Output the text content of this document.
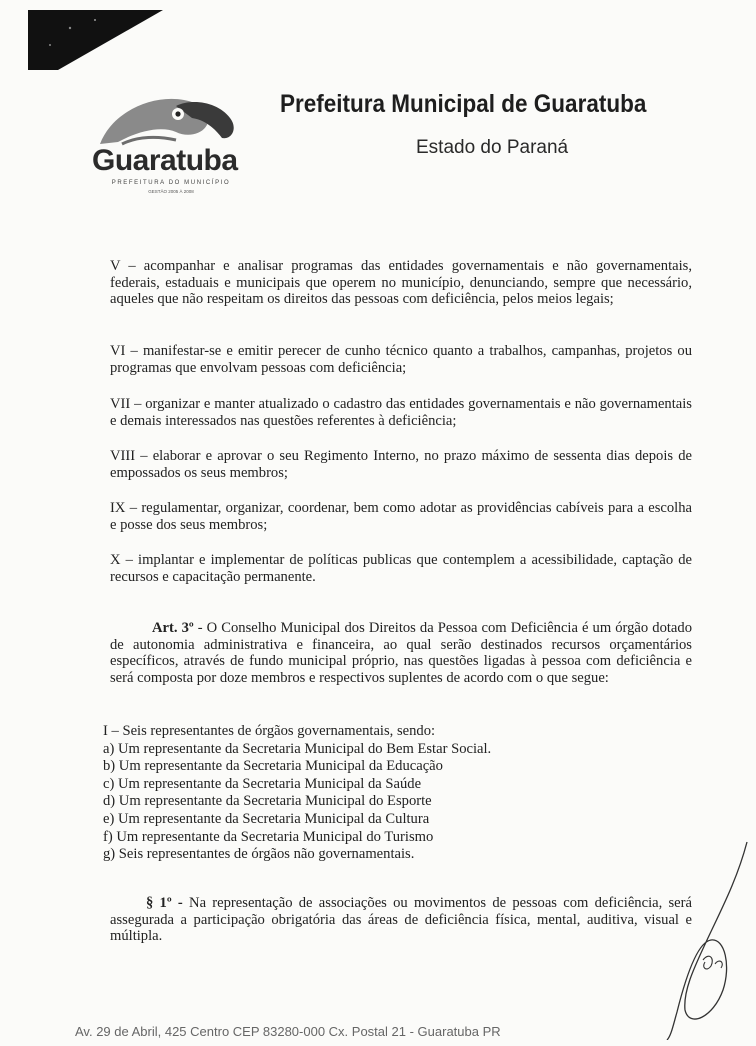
Guaratuba
PREFEITURA DO MUNICÍPIO
GESTÃO 2005 À 2008
Prefeitura Municipal de Guaratuba
Estado do Paraná
V – acompanhar e analisar programas das entidades governamentais e não governamentais, federais, estaduais e municipais que operem no município, denunciando, sempre que necessário, aqueles que não respeitam os direitos das pessoas com deficiência, pelos meios legais;
VI – manifestar-se e emitir perecer de cunho técnico quanto a trabalhos, campanhas, projetos ou programas que envolvam pessoas com deficiência;
VII – organizar e manter atualizado o cadastro das entidades governamentais e não governamentais e demais interessados nas questões referentes à deficiência;
VIII – elaborar e aprovar o seu Regimento Interno, no prazo máximo de sessenta dias depois de empossados os seus membros;
IX – regulamentar, organizar, coordenar, bem como adotar as providências cabíveis para a escolha e posse dos seus membros;
X – implantar e implementar de políticas publicas que contemplem a acessibilidade, captação de recursos e capacitação permanente.
Art. 3º - O Conselho Municipal dos Direitos da Pessoa com Deficiência é um órgão dotado de autonomia administrativa e financeira, ao qual serão destinados recursos orçamentários específicos, através de fundo municipal próprio, nas questões ligadas à pessoa com deficiência e será composta por doze membros e respectivos suplentes de acordo com o que segue:
I – Seis representantes de órgãos governamentais, sendo:
a) Um representante da Secretaria Municipal do Bem Estar Social.
b) Um representante da Secretaria Municipal da Educação
c) Um representante da Secretaria Municipal da Saúde
d) Um representante da Secretaria Municipal do Esporte
e) Um representante da Secretaria Municipal da Cultura
f) Um representante da Secretaria Municipal do Turismo
g) Seis representantes de órgãos não governamentais.
§ 1º - Na representação de associações ou movimentos de pessoas com deficiência, será assegurada a participação obrigatória das áreas de deficiência física, mental, auditiva, visual e múltipla.
Av. 29 de Abril, 425 Centro CEP 83280-000 Cx. Postal 21 - Guaratuba PR
